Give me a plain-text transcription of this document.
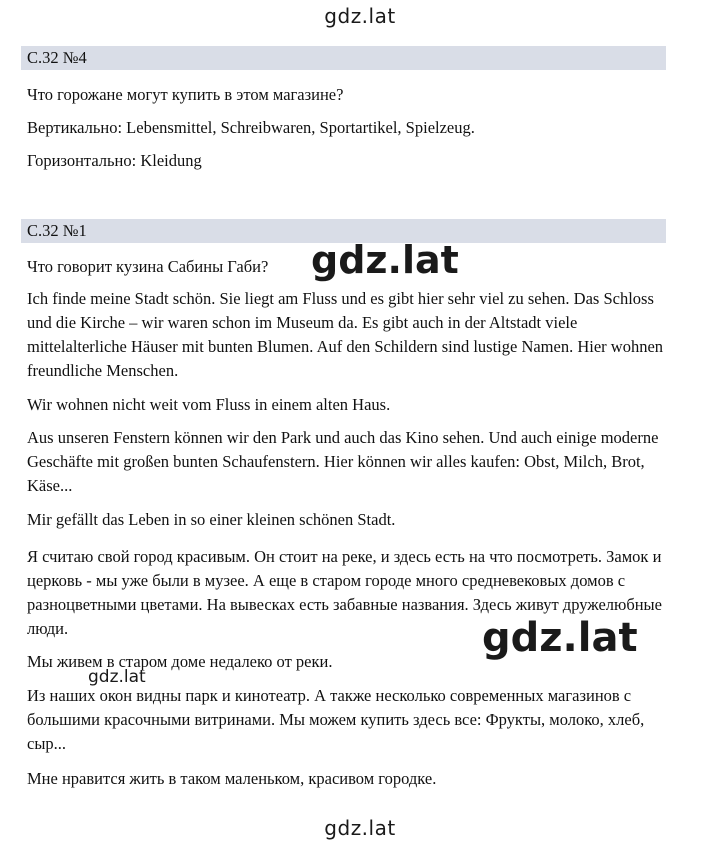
gdz.lat
С.32 №4

Что горожане могут купить в этом магазине?

Вертикально: Lebensmittel, Schreibwaren, Sportartikel, Spielzeug.

Горизонтально: Kleidung

С.32 №1

Что говорит кузина Сабины Габи?

Ich finde meine Stadt schön. Sie liegt am Fluss und es gibt hier sehr viel zu sehen. Das Schloss und die Kirche – wir waren schon im Museum da. Es gibt auch in der Altstadt viele mittelalterliche Häuser mit bunten Blumen. Auf den Schildern sind lustige Namen. Hier wohnen freundliche Menschen.

Wir wohnen nicht weit vom Fluss in einem alten Haus.

Aus unseren Fenstern können wir den Park und auch das Kino sehen. Und auch einige moderne Geschäfte mit großen bunten Schaufenstern. Hier können wir alles kaufen: Obst, Milch, Brot, Käse...

Mir gefällt das Leben in so einer kleinen schönen Stadt.

Я считаю свой город красивым. Он стоит на реке, и здесь есть на что посмотреть. Замок и церковь - мы уже были в музее. А еще в старом городе много средневековых домов с разноцветными цветами. На вывесках есть забавные названия. Здесь живут дружелюбные люди.

Мы живем в старом доме недалеко от реки.

Из наших окон видны парк и кинотеатр. А также несколько современных магазинов с большими красочными витринами. Мы можем купить здесь все: Фрукты, молоко, хлеб, сыр...

Мне нравится жить в таком маленьком, красивом городке.

gdz.lat
gdz.lat
gdz.lat
gdz.lat
